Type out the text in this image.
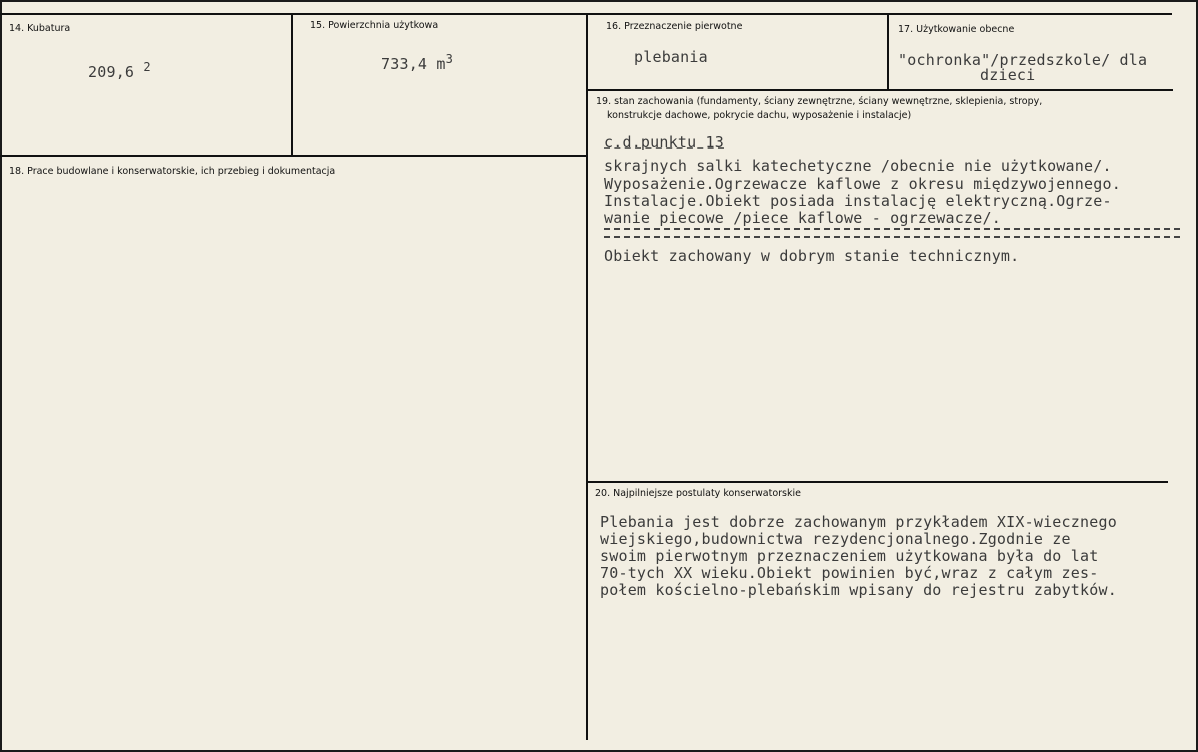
14. Kubatura
209,6 $^2$
15. Powierzchnia użytkowa
733,4 $m^3$
16. Przeznaczenie pierwotne
plebania
17. Użytkowanie obecne
"ochronka"/przedszkole/ dla
dzieci
18. Prace budowlane i konserwatorskie, ich przebieg i dokumentacja
19. stan zachowania (fundamenty, ściany zewnętrzne, ściany wewnętrzne, sklepienia, stropy,
konstrukcje dachowe, pokrycie dachu, wyposażenie i instalacje)
c.d.punktu 13
skrajnych salki katechetyczne /obecnie nie użytkowane/.
Wyposażenie.Ogrzewacze kaflowe z okresu międzywojennego.
Instalacje.Obiekt posiada instalację elektryczną.Ogrze-
wanie piecowe /piece kaflowe - ogrzewacze/.
Obiekt zachowany w dobrym stanie technicznym.
20. Najpilniejsze postulaty konserwatorskie
Plebania jest dobrze zachowanym przykładem XIX-wiecznego
wiejskiego,budownictwa rezydencjonalnego.Zgodnie ze
swoim pierwotnym przeznaczeniem użytkowana była do lat
70-tych XX wieku.Obiekt powinien być,wraz z całym zes-
połem kościelno-plebańskim wpisany do rejestru zabytków.
